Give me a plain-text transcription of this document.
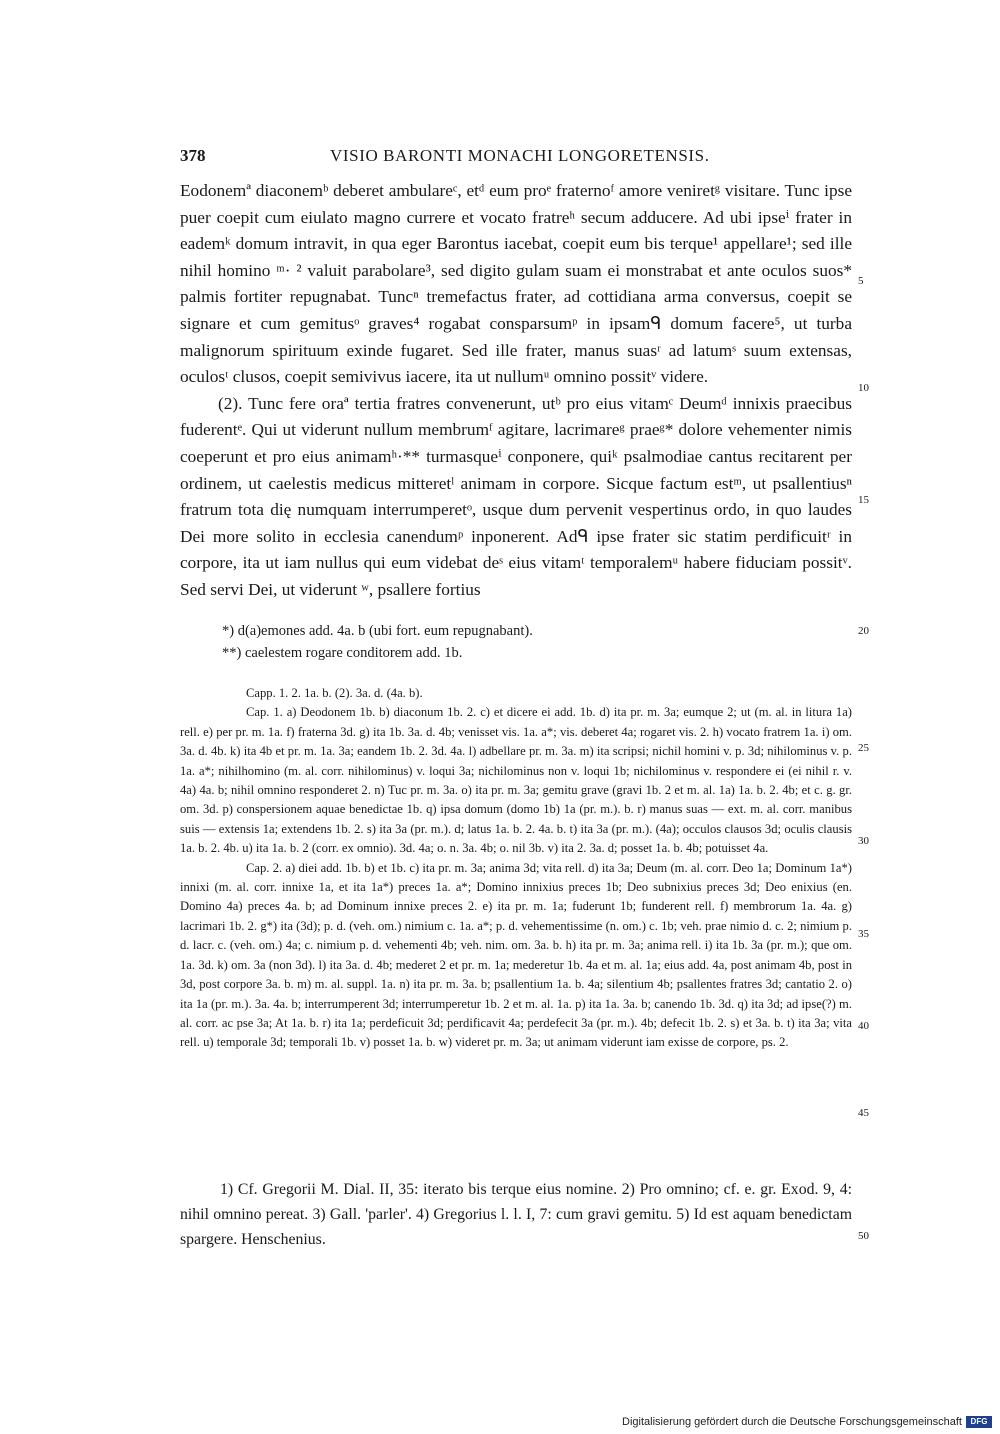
378	VISIO BARONTI MONACHI LONGORETENSIS.

Eodonemª diaconemᵇ deberet ambulareᶜ, etᵈ eum proᵉ fraternoᶠ amore veniretᵍ visitare. Tunc ipse puer coepit cum eiulato magno currere et vocato fratreʰ secum adducere. Ad ubi ipseⁱ frater in eademᵏ domum intravit, in qua eger Barontus iacebat, coepit eum bis terque¹ appellare¹; sed ille nihil homino ᵐ· ² valuit parabolare³, sed digito gulam suam ei monstrabat et ante oculos suos* palmis fortiter repugnabat. Tuncⁿ tremefactus frater, ad cottidiana arma conversus, coepit se signare et cum gemitusᵒ graves⁴ rogabat consparsumᵖ in ipsamᑫ domum facere⁵, ut turba malignorum spirituum exinde fugaret. Sed ille frater, manus suasʳ ad latumˢ suum extensas, oculosᵗ clusos, coepit semivivus iacere, ita ut nullumᵘ omnino possitᵛ videre.

(2). Tunc fere oraª tertia fratres convenerunt, utᵇ pro eius vitamᶜ Deumᵈ innixis praecibus fuderentᵉ. Qui ut viderunt nullum membrumᶠ agitare, lacrimareᵍ praeᵍ* dolore vehementer nimis coeperunt et pro eius animamʰ·** turmasqueⁱ conponere, quiᵏ psalmodiae cantus recitarent per ordinem, ut caelestis medicus mitteretˡ animam in corpore. Sicque factum estᵐ, ut psallentiusⁿ fratrum tota dię numquam interrumperetᵒ, usque dum pervenit vespertinus ordo, in quo laudes Dei more solito in ecclesia canendumᵖ inponerent. Adᑫ ipse frater sic statim perdificuitʳ in corpore, ita ut iam nullus qui eum videbat deˢ eius vitamᵗ temporalemᵘ habere fiduciam possitᵛ. Sed servi Dei, ut viderunt ʷ, psallere fortius

*) d(a)emones add. 4a. b (ubi fort. eum repugnabant).
**) caelestem rogare conditorem add. 1b.

Capp. 1. 2. 1a. b. (2). 3a. d. (4a. b).

Cap. 1. a) Deodonem 1b. b) diaconum 1b. 2. c) et dicere ei add. 1b. d) ita pr. m. 3a; eumque 2; ut (m. al. in litura 1a) rell. e) per pr. m. 1a. f) fraterna 3d. g) ita 1b. 3a. d. 4b; venisset vis. 1a. a*; vis. deberet 4a; rogaret vis. 2. h) vocato fratrem 1a. i) om. 3a. d. 4b. k) ita 4b et pr. m. 1a. 3a; eandem 1b. 2. 3d. 4a. l) adbellare pr. m. 3a. m) ita scripsi; nichil homini v. p. 3d; nihilominus v. p. 1a. a*; nihilhomino (m. al. corr. nihilominus) v. loqui 3a; nichilominus non v. loqui 1b; nichilominus v. respondere ei (ei nihil r. v. 4a) 4a. b; nihil omnino responderet 2. n) Tuc pr. m. 3a. o) ita pr. m. 3a; gemitu grave (gravi 1b. 2 et m. al. 1a) 1a. b. 2. 4b; et c. g. gr. om. 3d. p) conspersionem aquae benedictae 1b. q) ipsa domum (domo 1b) 1a (pr. m.). b. r) manus suas — ext. m. al. corr. manibus suis — extensis 1a; extendens 1b. 2. s) ita 3a (pr. m.). d; latus 1a. b. 2. 4a. b. t) ita 3a (pr. m.). (4a); occulos clausos 3d; oculis clausis 1a. b. 2. 4b. u) ita 1a. b. 2 (corr. ex omnio). 3d. 4a; o. n. 3a. 4b; o. nil 3b. v) ita 2. 3a. d; posset 1a. b. 4b; potuisset 4a.

Cap. 2. a) diei add. 1b. b) et 1b. c) ita pr. m. 3a; anima 3d; vita rell. d) ita 3a; Deum (m. al. corr. Deo 1a; Dominum 1a*) innixi (m. al. corr. innixe 1a, et ita 1a*) preces 1a. a*; Domino innixius preces 1b; Deo subnixius preces 3d; Deo enixius (en. Domino 4a) preces 4a. b; ad Dominum innixe preces 2. e) ita pr. m. 1a; fuderunt 1b; funderent rell. f) membrorum 1a. 4a. g) lacrimari 1b. 2. g*) ita (3d); p. d. (veh. om.) nimium c. 1a. a*; p. d. vehementissime (n. om.) c. 1b; veh. prae nimio d. c. 2; nimium p. d. lacr. c. (veh. om.) 4a; c. nimium p. d. vehementi 4b; veh. nim. om. 3a. b. h) ita pr. m. 3a; anima rell. i) ita 1b. 3a (pr. m.); que om. 1a. 3d. k) om. 3a (non 3d). l) ita 3a. d. 4b; mederet 2 et pr. m. 1a; mederetur 1b. 4a et m. al. 1a; eius add. 4a, post animam 4b, post in 3d, post corpore 3a. b. m) m. al. suppl. 1a. n) ita pr. m. 3a. b; psallentium 1a. b. 4a; silentium 4b; psallentes fratres 3d; cantatio 2. o) ita 1a (pr. m.). 3a. 4a. b; interrumperent 3d; interrumperetur 1b. 2 et m. al. 1a. p) ita 1a. 3a. b; canendo 1b. 3d. q) ita 3d; ad ipse(?) m. al. corr. ac pse 3a; At 1a. b. r) ita 1a; perdeficuit 3d; perdificavit 4a; perdefecit 3a (pr. m.). 4b; defecit 1b. 2. s) et 3a. b. t) ita 3a; vita rell. u) temporale 3d; temporali 1b. v) posset 1a. b. w) videret pr. m. 3a; ut animam viderunt iam exisse de corpore, ps. 2.

1) Cf. Gregorii M. Dial. II, 35: iterato bis terque eius nomine. 2) Pro omnino; cf. e. gr. Exod. 9, 4: nihil omnino pereat. 3) Gall. 'parler'. 4) Gregorius l. l. I, 7: cum gravi gemitu. 5) Id est aquam benedictam spargere. Henschenius.

5
10
15
20
25
30
35
40
45
50
Digitalisierung gefördert durch die Deutsche Forschungsgemeinschaft	DFG
